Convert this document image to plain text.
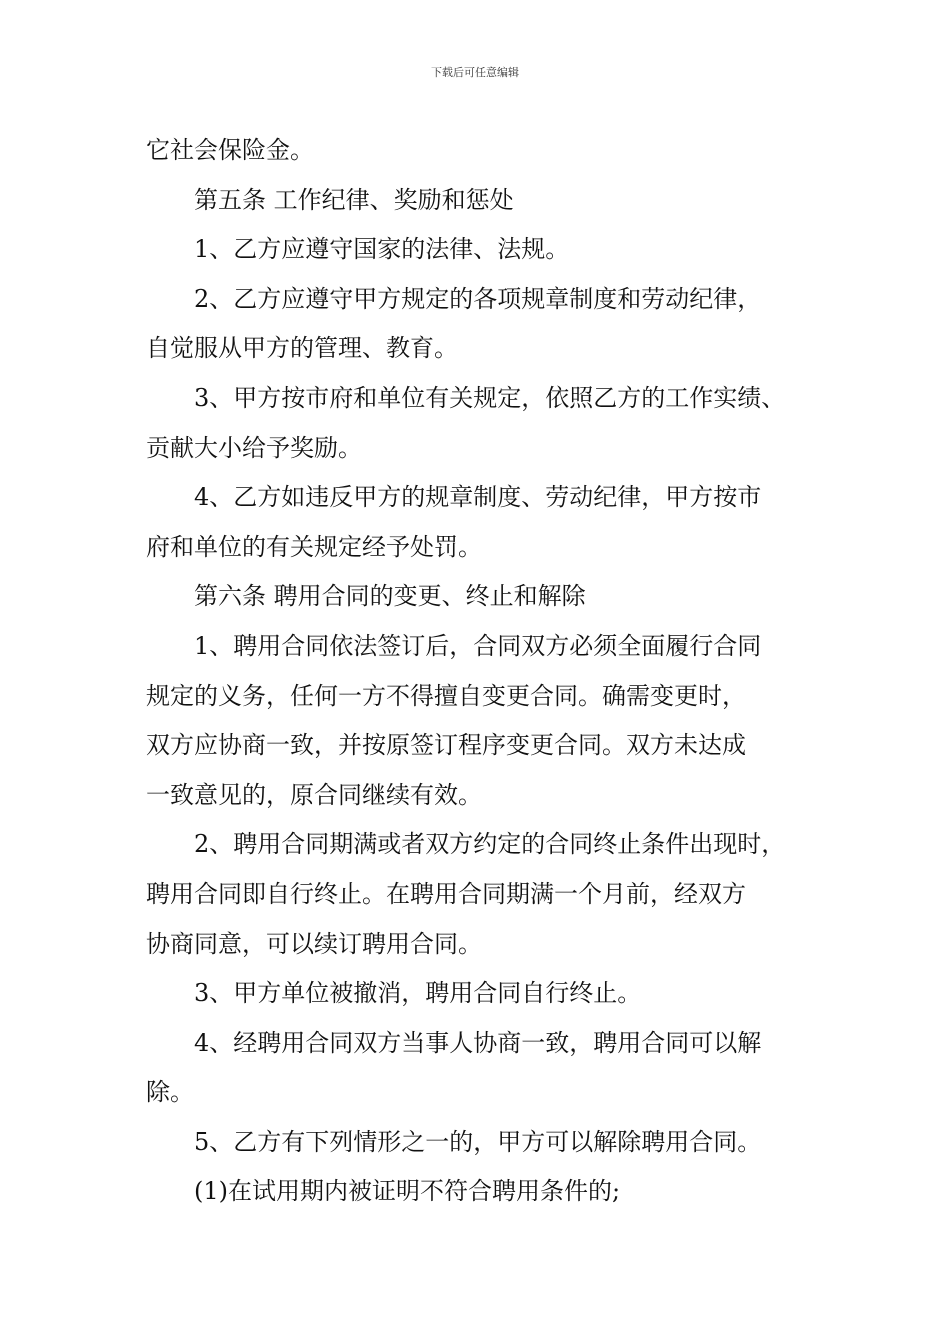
下载后可任意编辑

它社会保险金。

第五条 工作纪律、奖励和惩处

1、乙方应遵守国家的法律、法规。

2、乙方应遵守甲方规定的各项规章制度和劳动纪律，

自觉服从甲方的管理、教育。

3、甲方按市府和单位有关规定，依照乙方的工作实绩、

贡献大小给予奖励。

4、乙方如违反甲方的规章制度、劳动纪律，甲方按市

府和单位的有关规定经予处罚。

第六条 聘用合同的变更、终止和解除

1、聘用合同依法签订后，合同双方必须全面履行合同

规定的义务，任何一方不得擅自变更合同。确需变更时，

双方应协商一致，并按原签订程序变更合同。双方未达成

一致意见的，原合同继续有效。

2、聘用合同期满或者双方约定的合同终止条件出现时，

聘用合同即自行终止。在聘用合同期满一个月前，经双方

协商同意，可以续订聘用合同。

3、甲方单位被撤消，聘用合同自行终止。

4、经聘用合同双方当事人协商一致，聘用合同可以解

除。

5、乙方有下列情形之一的，甲方可以解除聘用合同。

(1)在试用期内被证明不符合聘用条件的;
